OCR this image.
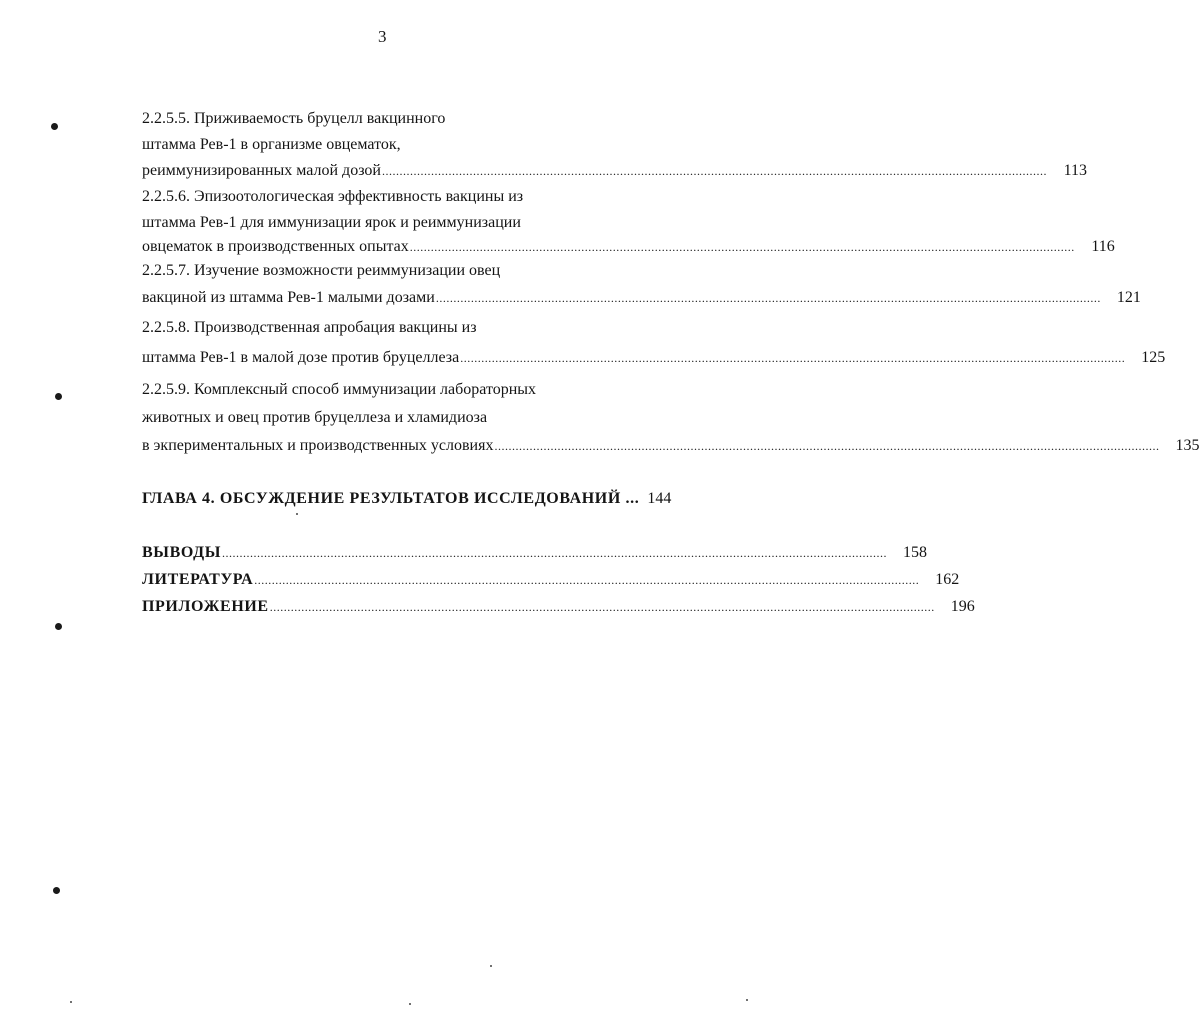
3
2.2.5.5. Приживаемость бруцелл вакцинного
штамма Рев-1 в организме овцематок,
реиммунизированных малой дозой ..............................................................................................................................................................................................	113
2.2.5.6. Эпизоотологическая эффективность вакцины из
штамма Рев-1 для иммунизации ярок и реиммунизации
овцематок в производственных опытах ..............................................................................................................................................................................................	116
2.2.5.7. Изучение возможности реиммунизации овец
вакциной из штамма Рев-1 малыми дозами ..............................................................................................................................................................................................	121
2.2.5.8. Производственная апробация вакцины из
штамма Рев-1 в малой дозе против бруцеллеза ..............................................................................................................................................................................................	125
2.2.5.9. Комплексный способ иммунизации лабораторных
животных и овец против бруцеллеза и хламидиоза
в экпериментальных и производственных условиях ..............................................................................................................................................................................................	135
ГЛАВА 4. ОБСУЖДЕНИЕ РЕЗУЛЬТАТОВ ИССЛЕДОВАНИЙ ... 144
ВЫВОДЫ ..............................................................................................................................................................................................	158
ЛИТЕРАТУРА ..............................................................................................................................................................................................	162
ПРИЛОЖЕНИЕ ..............................................................................................................................................................................................	196
